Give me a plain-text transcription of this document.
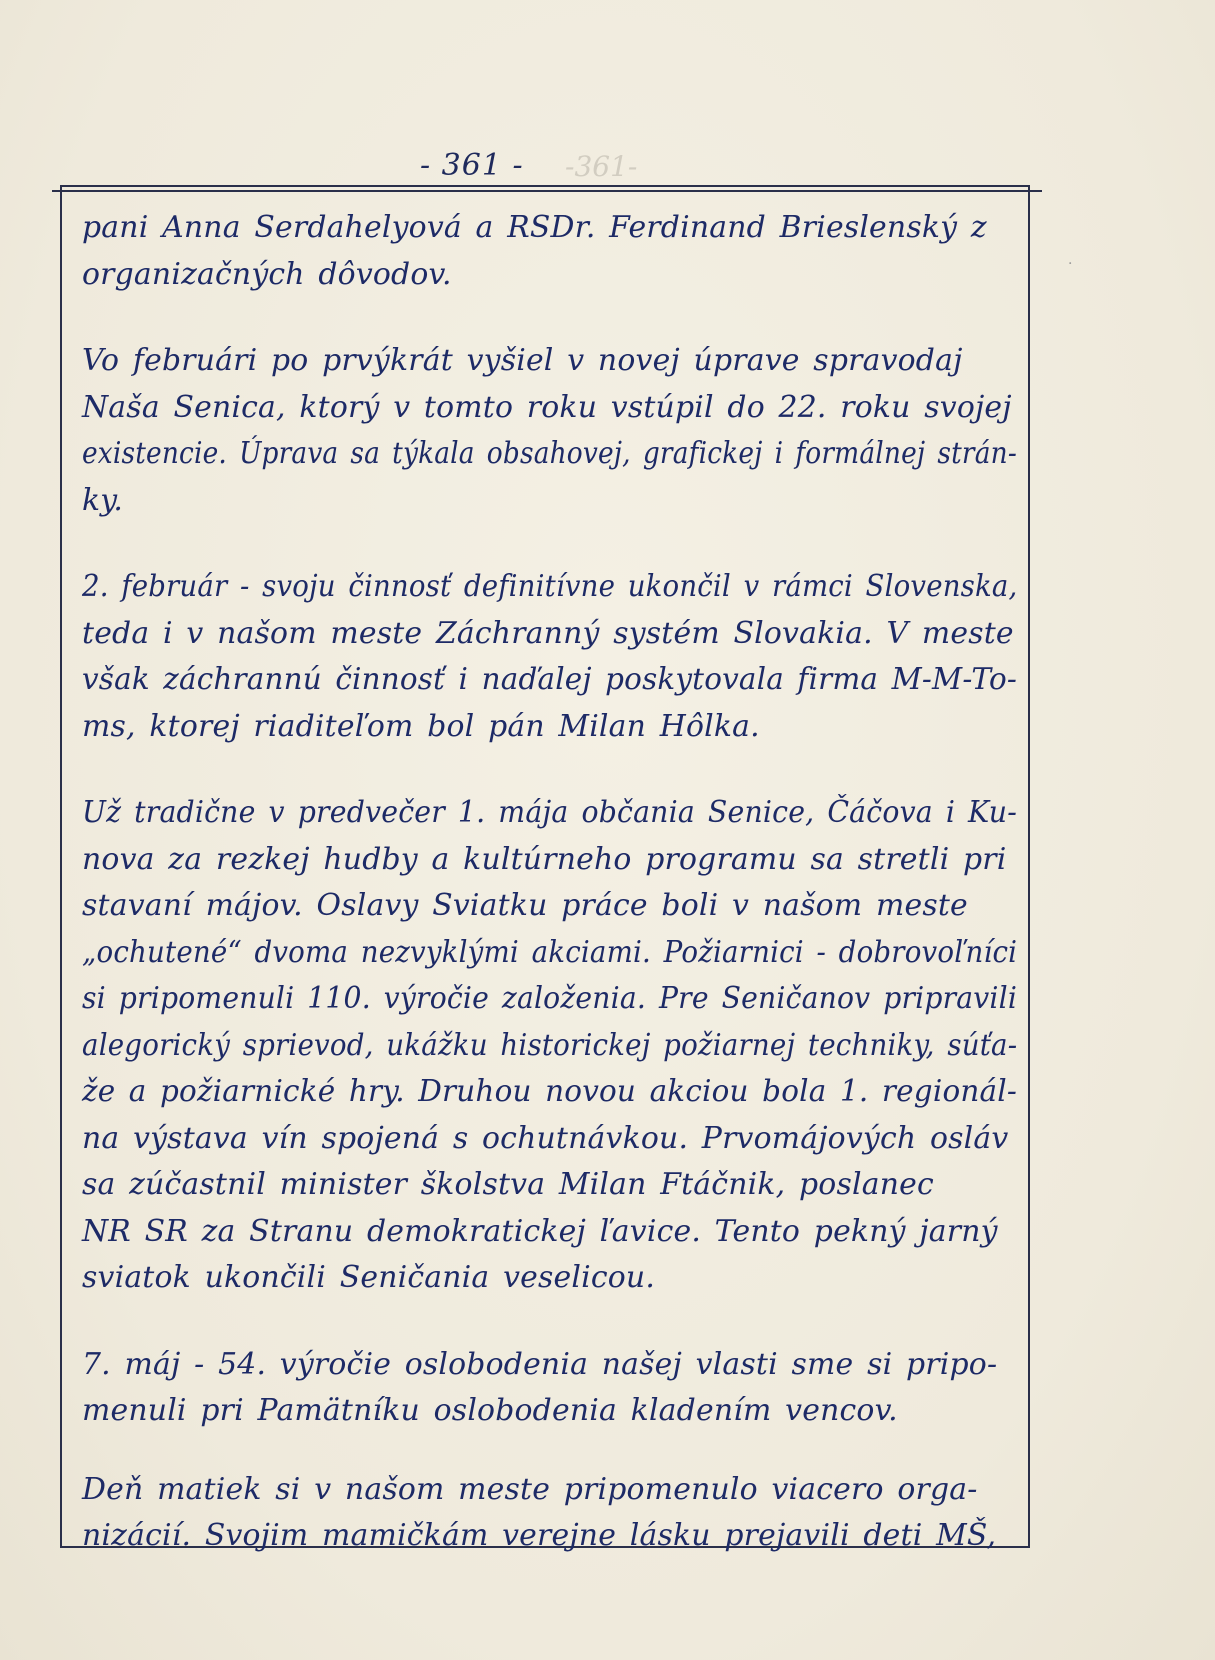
-361-
- 361 -
·
pani Anna Serdahelyová a RSDr. Ferdinand Brieslenský z
organizačných dôvodov.
Vo februári po prvýkrát vyšiel v novej úprave spravodaj
Naša Senica, ktorý v tomto roku vstúpil do 22. roku svojej
existencie. Úprava sa týkala obsahovej, grafickej i formálnej strán-
ky.
2. február - svoju činnosť definitívne ukončil v rámci Slovenska,
teda i v našom meste Záchranný systém Slovakia. V meste
však záchrannú činnosť i naďalej poskytovala firma M-M-To-
ms, ktorej riaditeľom bol pán Milan Hôlka.
Už tradične v predvečer 1. mája občania Senice, Čáčova i Ku-
nova za rezkej hudby a kultúrneho programu sa stretli pri
stavaní májov. Oslavy Sviatku práce boli v našom meste
„ochutené“ dvoma nezvyklými akciami. Požiarnici - dobrovoľníci
si pripomenuli 110. výročie založenia. Pre Seničanov pripravili
alegorický sprievod, ukážku historickej požiarnej techniky, súťa-
že a požiarnické hry. Druhou novou akciou bola 1. regionál-
na výstava vín spojená s ochutnávkou. Prvomájových osláv
sa zúčastnil minister školstva Milan Ftáčnik, poslanec
NR SR za Stranu demokratickej ľavice. Tento pekný jarný
sviatok ukončili Seničania veselicou.
7. máj - 54. výročie oslobodenia našej vlasti sme si pripo-
menuli pri Pamätníku oslobodenia kladením vencov.
Deň matiek si v našom meste pripomenulo viacero orga-
nizácií. Svojim mamičkám verejne lásku prejavili deti MŠ,
